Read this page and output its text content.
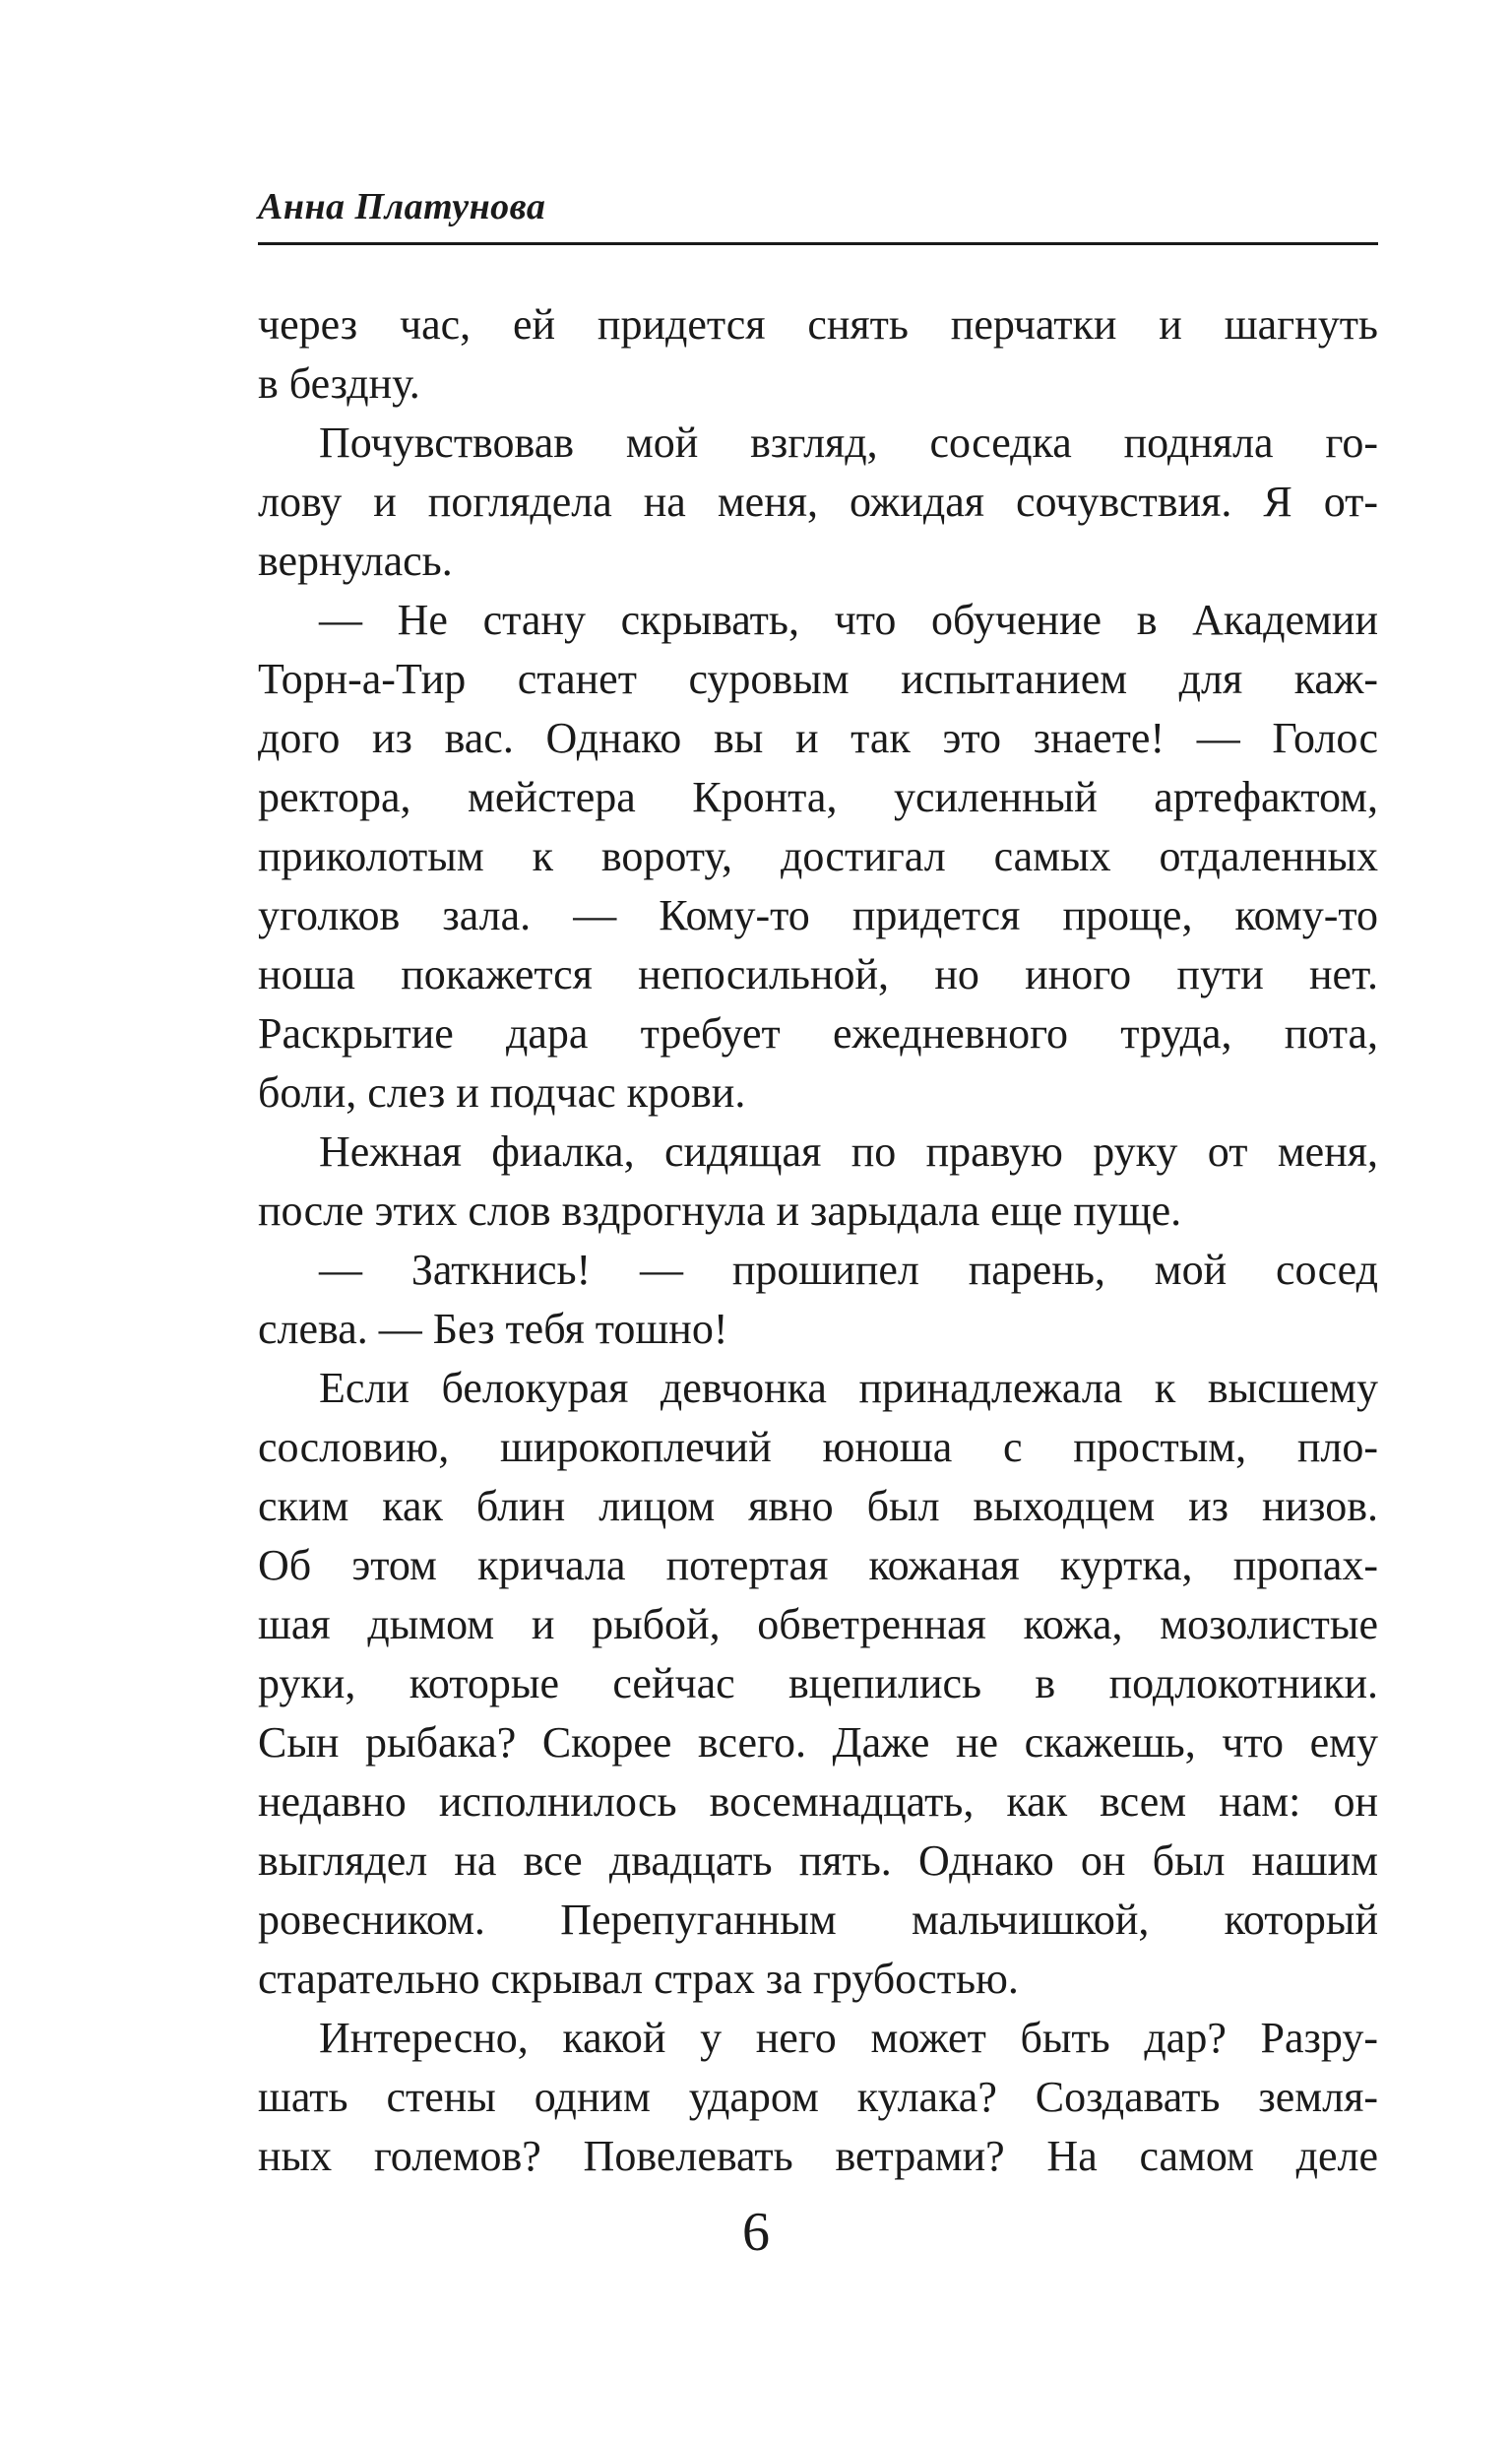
Анна Платунова

через час, ей придется снять перчатки и шагнуть

в бездну.

Почувствовав мой взгляд, соседка подняла го-

лову и поглядела на меня, ожидая сочувствия. Я от-

вернулась.

— Не стану скрывать, что обучение в Академии

Торн-а-Тир станет суровым испытанием для каж-

дого из вас. Однако вы и так это знаете! — Голос

ректора, мейстера Кронта, усиленный артефактом,

приколотым к вороту, достигал самых отдаленных

уголков зала. — Кому-то придется проще, кому-то

ноша покажется непосильной, но иного пути нет.

Раскрытие дара требует ежедневного труда, пота,

боли, слез и подчас крови.

Нежная фиалка, сидящая по правую руку от меня,

после этих слов вздрогнула и зарыдала еще пуще.

— Заткнись! — прошипел парень, мой сосед

слева. — Без тебя тошно!

Если белокурая девчонка принадлежала к высшему

сословию, широкоплечий юноша с простым, пло-

ским как блин лицом явно был выходцем из низов.

Об этом кричала потертая кожаная куртка, пропах-

шая дымом и рыбой, обветренная кожа, мозолистые

руки, которые сейчас вцепились в подлокотники.

Сын рыбака? Скорее всего. Даже не скажешь, что ему

недавно исполнилось восемнадцать, как всем нам: он

выглядел на все двадцать пять. Однако он был нашим

ровесником. Перепуганным мальчишкой, который

старательно скрывал страх за грубостью.

Интересно, какой у него может быть дар? Разру-

шать стены одним ударом кулака? Создавать земля-

ных големов? Повелевать ветрами? На самом деле

6
